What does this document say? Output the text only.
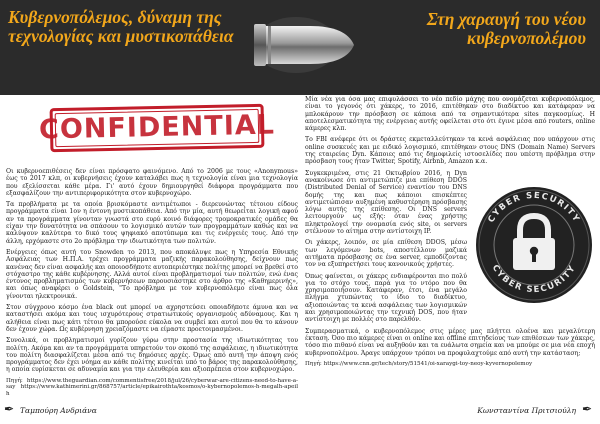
Κυβερνοπόλεμος, δύναμη της τεχνολογίας και μυστικοπάθεια
Στη χαραυγή του νέου κυβερνοπολέμου
CONFIDENTIAL

Οι κυβερνοεπιθέσεις δεν είναι πρόσφατο φαινόμενο. Από το 2006 με τους «Anonymous» έως το 2017 κλπ, οι κυβερνήσεις έχουν καταλάβει πως η τεχνολογία είναι μια τεχνολογία που εξελίσσεται κάθε μέρα. Γι' αυτό έχουν δημιουργηθεί διάφορα προγράμματα που εξασφαλίζουν την αντιπεριφορικότητα στον κυβερνοχώρο.

Τα προβλήματα με τα οποία βρισκόμαστε αντιμέτωποι - διερευνώντας τέτοιου είδους προγράμματα είναι 1ον η έντονη μυστικοπάθεια. Από την μία, αυτή θεωρείται λογική αφού αν τα προγράμματα γίνονταν γνωστά στο ευρύ κοινό διάφορες τρομοκρατικές ομάδες θα είχαν την δυνατότητα να σπάσουν το λογισμικό αυτών των προγραμμάτων καθώς και να καλύψουν καλύτερα το δικό τους ψηφιακό αποτύπωμα και τις ενέργειές τους. Από την άλλη, ερχόμαστε στο 2ο πρόβλημα την ιδιωτικότητα των πολιτών.

Ενέργειες όπως αυτή του Snowden το 2013, που αποκάλυψε πως η Υπηρεσία Εθνικής Ασφάλειας των Η.Π.Α. τρέχει προγράμματα μαζικής παρακολούθησης, δείχνουν πως κανένας δεν είναι ασφαλής και οποιοσδήποτε αυτοπεριέστηκε πολίτης μπορεί να βρεθεί στο στόχαστρο της κάθε κυβέρνησης. Αλλά αυτοί είναι προβληματισμοί των πολιτών, ενώ ένας έντονος προβληματισμός των κυβερνήσεων παρουσιάστηκε στο άρθρο της «Καθημερινής», και όπως αναφέρει ο Goldstein, "Το πρόβλημα με τον κυβερνοπόλεμο είναι πως όλα γίνονται ηλεκτρονικά.

Στον σύγχρονο κόσμο ένα black out μπορεί να αχρηστεύσει οποιαδήποτε άμυνα και να καταστήσει ακόμα και τους ισχυρότερους στρατιωτικούς οργανισμούς αδύναμους. Και η αλήθεια είναι πως κάτι τέτοιο θα μπορούσε εύκολα να συμβεί και αυτοί που θα το κάνουν δεν έχουν χώρα. Ως κυβέρνηση χρειαζόμαστε να είμαστε προετοιμασμένοι.

Συνολικά, οι προβληματισμοί γυρίζουν γύρω στην προστασία της ιδιωτικότητας του πολίτη. Ακόμα και αν τα προγράμματα υπηρετούν τον σκοπό της ασφάλειας, η ιδιωτικότητα του πολίτη διασφαλίζεται μέσα από τις δημόσιες αρχές. Όμως από αυτή την άποψη ενός προγράμματος δεν έχει νόημα αν κάθε πολίτης κινείται υπό το βάρος της παρακολούθησης, η οποία ευρίσκεται σε αδυναμία και για την ελευθερία και αξιοπρέπεια στον κυβερνοχώρο.

Πηγή: https://www.theguardian.com/commentisfree/2018/jul/26/cyberwar-are-citizens-need-to-have-a-say https://www.kathimerini.gr/868757/article/epikairothta/kosmos/o-kybernopolemos-h-megalh-apeilh

Μία νέα για όσα μας επιφυλάσσει το νέο πεδίο μάχης που ονομάζεται κυβερνοπόλεμος, είναι το γεγονός ότι χάκερς, το 2016, επιτέθηκαν στο διαδίκτυο και κατάφεραν να μπλοκάρουν την πρόσβαση σε κάποια από τα σημαντικότερα sites παγκοσμίως. Η αποτελεσματικότητα της ενέργειας αυτής οφείλεται στο ότι έγινε μέσα από routers, online κάμερες κλπ.

Το FBI ανέφερε ότι οι δράστες εκμεταλλεύτηκαν τα κενά ασφάλειας που υπάρχουν στις online συσκευές και με ειδικό λογισμικό, επιτέθηκαν στους DNS (Domain Name) Servers της εταιρείας Dyn. Κάποιες από τις δημοφιλείς ιστοσελίδες που υπέστη πρόβλημα στην πρόσβαση τους ήταν Twitter, Spotify, Airbnb, Amazon κ.α.

Συγκεκριμένα, στις 21 Οκτωβρίου 2016, η Dyn ανακοίνωσε ότι αντιμετώπιζε μια επίθεση DDOS (Distributed Denial of Service) εναντίον του DNS δομής της και πως κάποιοι επισκέπτες αντιμετώπισαν αυξημένη καθυστέρηση πρόσβασης λόγω αυτής της επίθεσης. Οι DNS servers λειτουργούν ως εξής: όταν ένας χρήστης πληκτρολογεί την ονομασία ενός site, οι servers στέλνουν το αίτημα στην αντίστοιχη IP.

Οι χάκερς, λοιπόν, σε μία επίθεση DDOS, μέσω των λεγόμενων bots, αποστέλλουν μαζικά αιτήματα πρόσβασης σε ένα server, εμποδίζοντας τον να εξυπηρετήσει τους κανονικούς χρήστες.

Όπως φαίνεται, οι χάκερς ενδιαφέρονται πιο πολύ για το στόχο τους, παρά για το ντόρο που θα χρησιμοποιήσουν. Κατάφεραν, έτσι, ένα μεγάλο πλήγμα χτυπώντας το ίδιο το διαδίκτυο, αξιοποιώντας τα κενά ασφάλειας των λογισμικών και χρησιμοποιώντας την τεχνική DOS, που ήταν αντίστοιχη με πολλές στο παρελθόν.

CYBER SECURITY
CYBER SECURITY

Συμπερασματικά, ο κυβερνοπόλεμος στις μέρες μας πλήττει ολοένα και μεγαλύτερη έκταση. Όσο πιο κάμερες είναι οι online και offline επιτηδείους των επιθέσεων των χάκερς, τόσο πιο πιθανό είναι να αυξηθούν και τα ευάλωτα σημεία και να μπούμε σε μια νέα εποχή κυβερνοπολέμου. Άραγε υπάρχουν τρόποι να προφυλαχτούμε από αυτή την κατάσταση;

Πηγή: https://www.cnn.gr/tech/story/51541/oi-xaraygi-toy-neoy-kyvernopolemoy

✒ Ταμπούρη Ανδριάνα	Κωνσταντίνα Πριτσιούλη ✒
